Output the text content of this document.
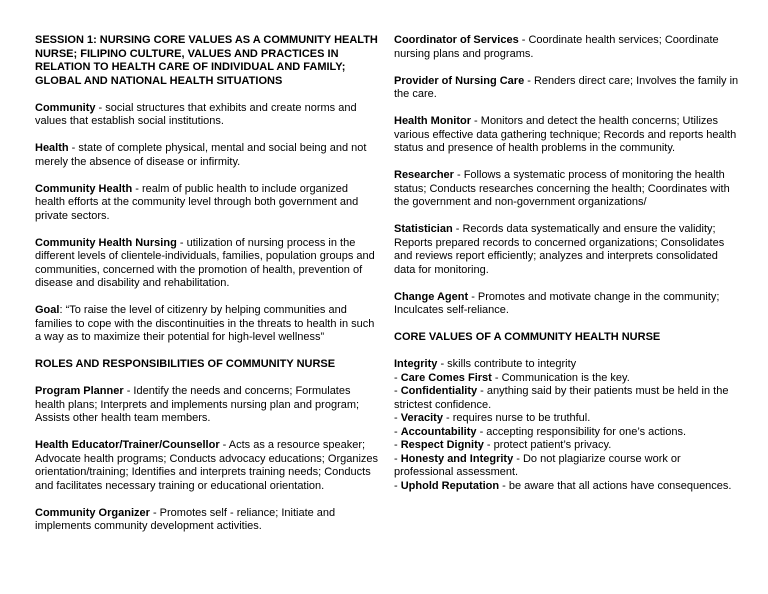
SESSION 1: NURSING CORE VALUES AS A COMMUNITY HEALTH NURSE; FILIPINO CULTURE, VALUES AND PRACTICES IN RELATION TO HEALTH CARE OF INDIVIDUAL AND FAMILY; GLOBAL AND NATIONAL HEALTH SITUATIONS
Community - social structures that exhibits and create norms and values that establish social institutions.
Health - state of complete physical, mental and social being and not merely the absence of disease or infirmity.
Community Health - realm of public health to include organized health efforts at the community level through both government and private sectors.
Community Health Nursing - utilization of nursing process in the different levels of clientele-individuals, families, population groups and communities, concerned with the promotion of health, prevention of disease and disability and rehabilitation.
Goal: “To raise the level of citizenry by helping communities and families to cope with the discontinuities in the threats to health in such a way as to maximize their potential for high-level wellness”
ROLES AND RESPONSIBILITIES OF COMMUNITY NURSE
Program Planner - Identify the needs and concerns; Formulates health plans; Interprets and implements nursing plan and program; Assists other health team members.
Health Educator/Trainer/Counsellor - Acts as a resource speaker; Advocate health programs; Conducts advocacy educations; Organizes orientation/training; Identifies and interprets training needs; Conducts and facilitates necessary training or educational orientation.
Community Organizer - Promotes self - reliance; Initiate and implements community development activities.
Coordinator of Services - Coordinate health services; Coordinate nursing plans and programs.
Provider of Nursing Care - Renders direct care; Involves the family in the care.
Health Monitor - Monitors and detect the health concerns; Utilizes various effective data gathering technique; Records and reports health status and presence of health problems in the community.
Researcher - Follows a systematic process of monitoring the health status; Conducts researches concerning the health; Coordinates with the government and non-government organizations/
Statistician - Records data systematically and ensure the validity; Reports prepared records to concerned organizations; Consolidates and reviews report efficiently; analyzes and interprets consolidated data for monitoring.
Change Agent - Promotes and motivate change in the community; Inculcates self-reliance.
CORE VALUES OF A COMMUNITY HEALTH NURSE
Integrity - skills contribute to integrity
- Care Comes First - Communication is the key.
- Confidentiality - anything said by their patients must be held in the strictest confidence.
- Veracity - requires nurse to be truthful.
- Accountability - accepting responsibility for one’s actions.
- Respect Dignity - protect patient’s privacy.
- Honesty and Integrity - Do not plagiarize course work or professional assessment.
- Uphold Reputation - be aware that all actions have consequences.
